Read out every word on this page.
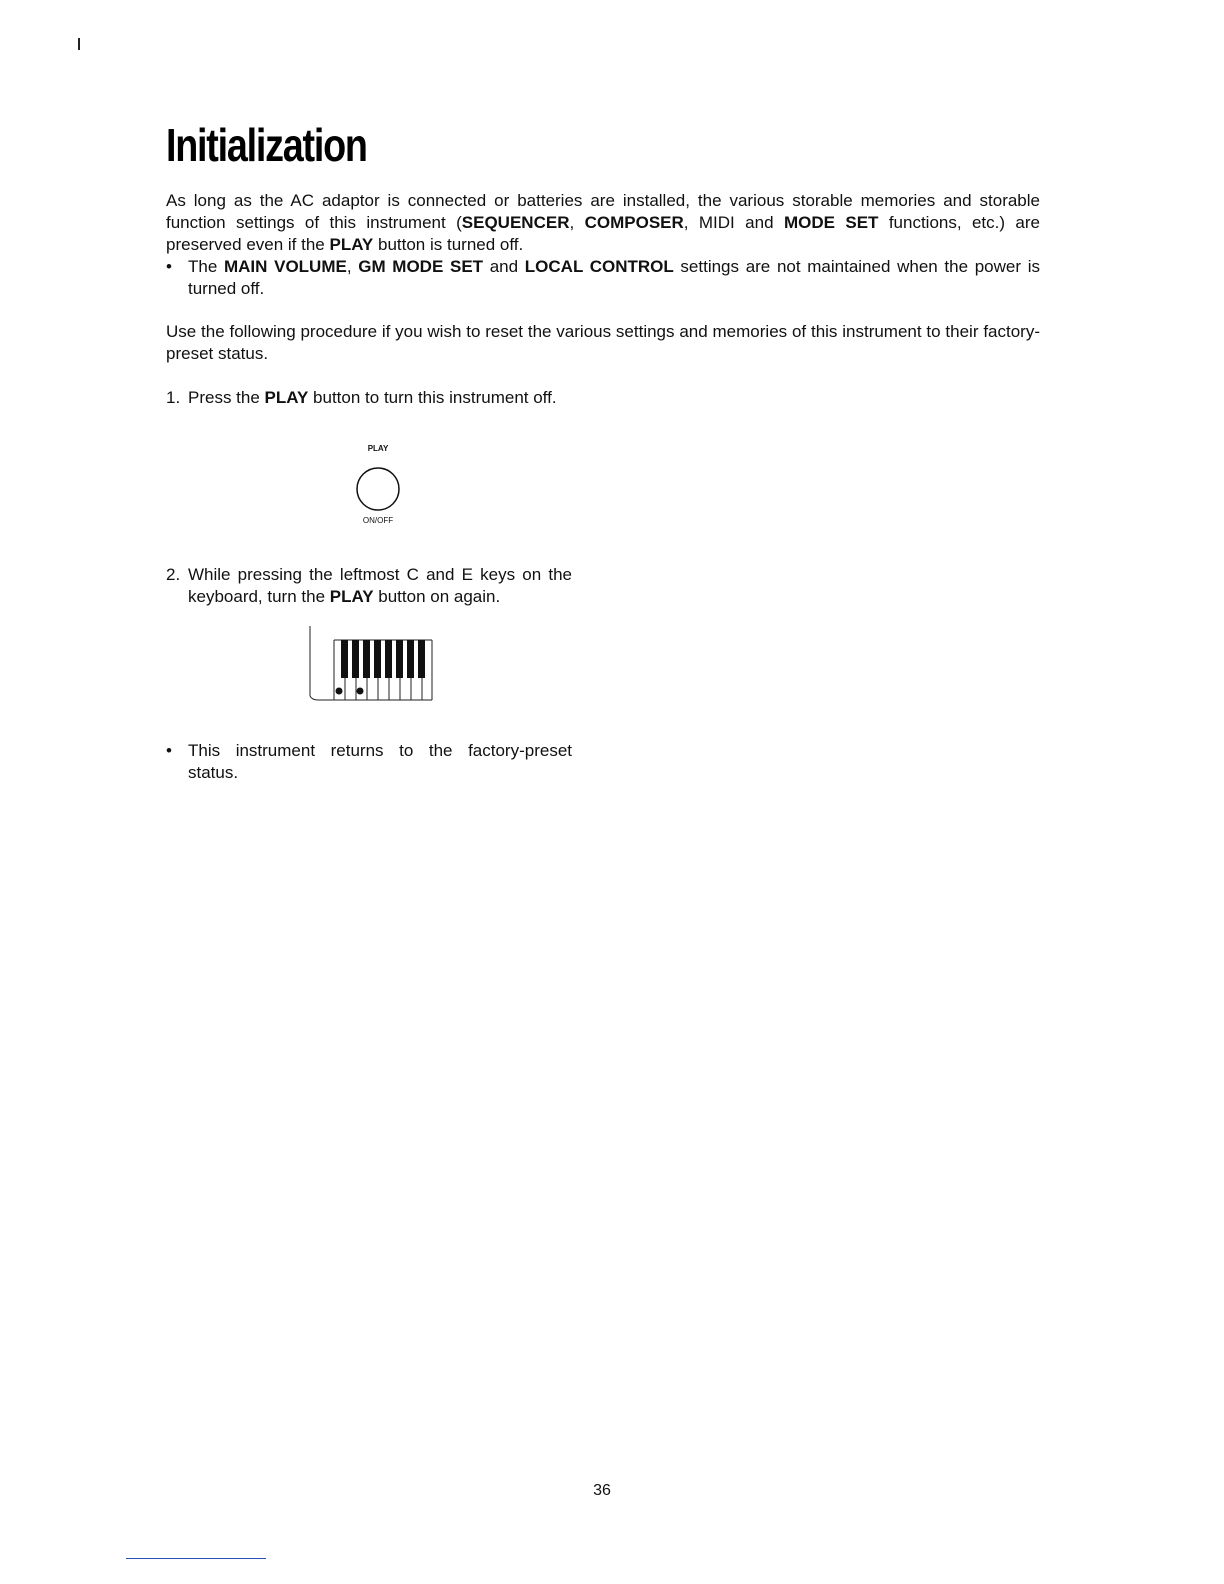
Initialization

As long as the AC adaptor is connected or batteries are installed, the various storable memories and storable function settings of this instrument (SEQUENCER, COMPOSER, MIDI and MODE SET functions, etc.) are preserved even if the PLAY button is turned off.

• The MAIN VOLUME, GM MODE SET and LOCAL CONTROL settings are not maintained when the power is turned off.

Use the following procedure if you wish to reset the various settings and memories of this instrument to their factory-preset status.

1. Press the PLAY button to turn this instrument off.
PLAY
ON/OFF
2. While pressing the leftmost C and E keys on the keyboard, turn the PLAY button on again.
• This instrument returns to the factory-preset status.
36
